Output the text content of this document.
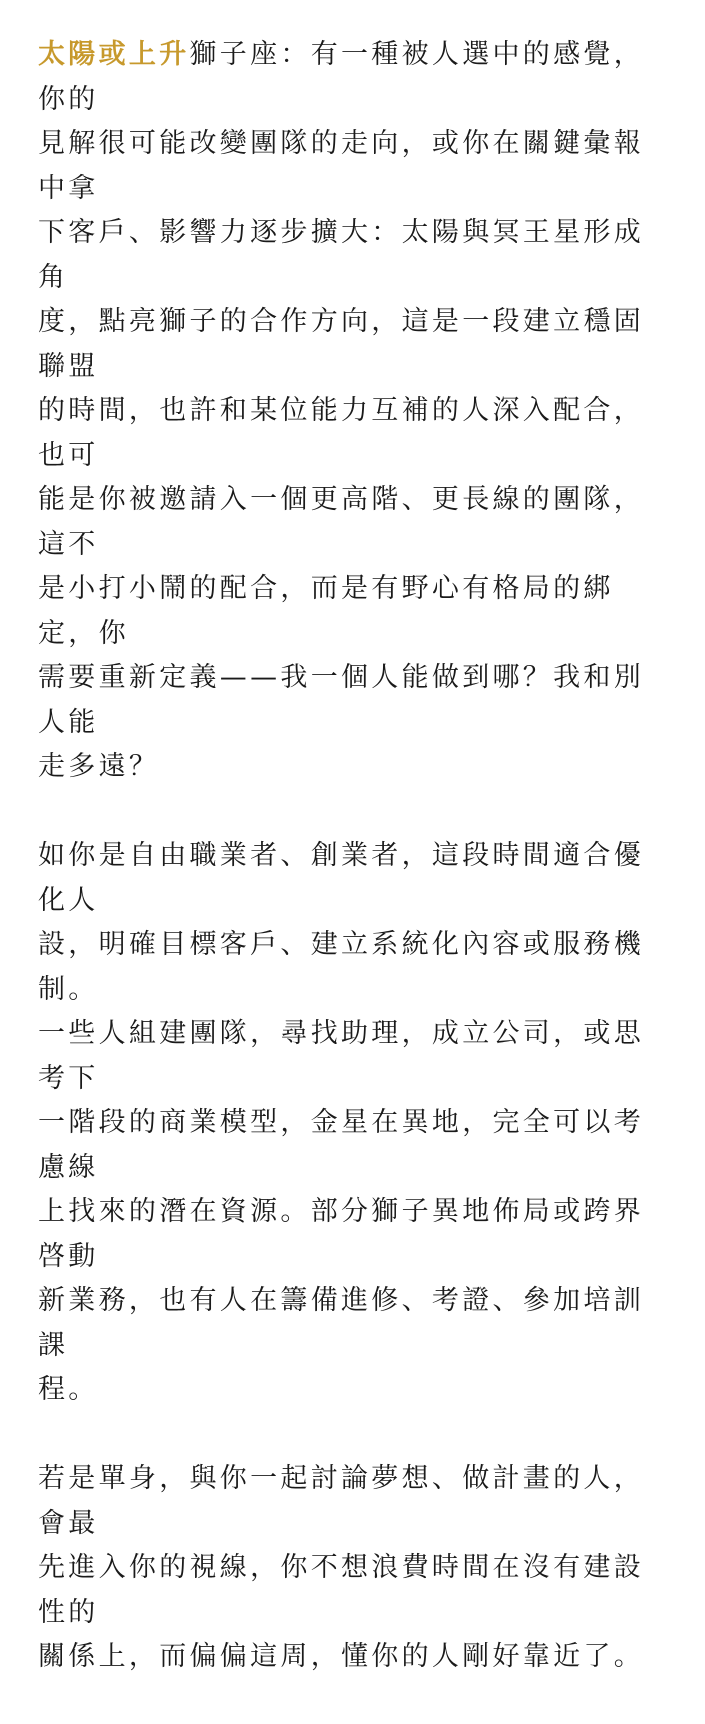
太陽或上升獅子座：有一種被人選中的感覺，你的
見解很可能改變團隊的走向，或你在關鍵彙報中拿
下客戶、影響力逐步擴大：太陽與冥王星形成角
度，點亮獅子的合作方向，這是一段建立穩固聯盟
的時間，也許和某位能力互補的人深入配合，也可
能是你被邀請入一個更高階、更長線的團隊，這不
是小打小鬧的配合，而是有野心有格局的綁定，你
需要重新定義——我一個人能做到哪？我和別人能
走多遠？

如你是自由職業者、創業者，這段時間適合優化人
設，明確目標客戶、建立系統化內容或服務機制。
一些人組建團隊，尋找助理，成立公司，或思考下
一階段的商業模型，金星在異地，完全可以考慮線
上找來的潛在資源。部分獅子異地佈局或跨界啓動
新業務，也有人在籌備進修、考證、參加培訓課
程。

若是單身，與你一起討論夢想、做計畫的人，會最
先進入你的視線，你不想浪費時間在沒有建設性的
關係上，而偏偏這周，懂你的人剛好靠近了。
